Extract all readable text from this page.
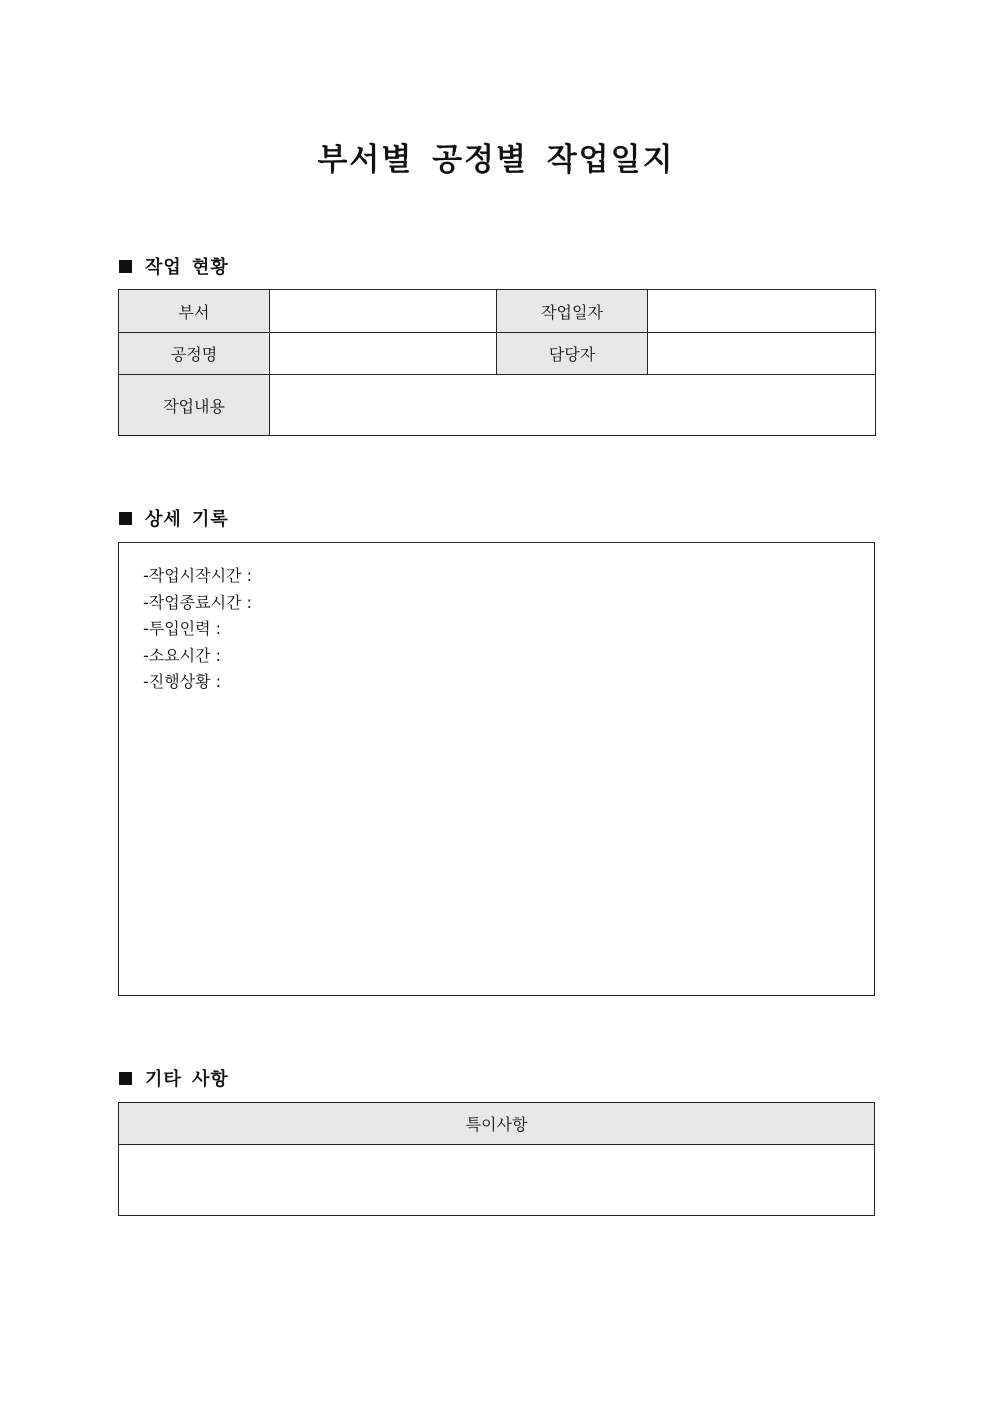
부서별 공정별 작업일지
작업 현황
부서		작업일자	
공정명		담당자	
작업내용			
상세 기록
-작업시작시간 :
-작업종료시간 :
-투입인력 :
-소요시간 :
-진행상황 :
기타 사항
특이사항
